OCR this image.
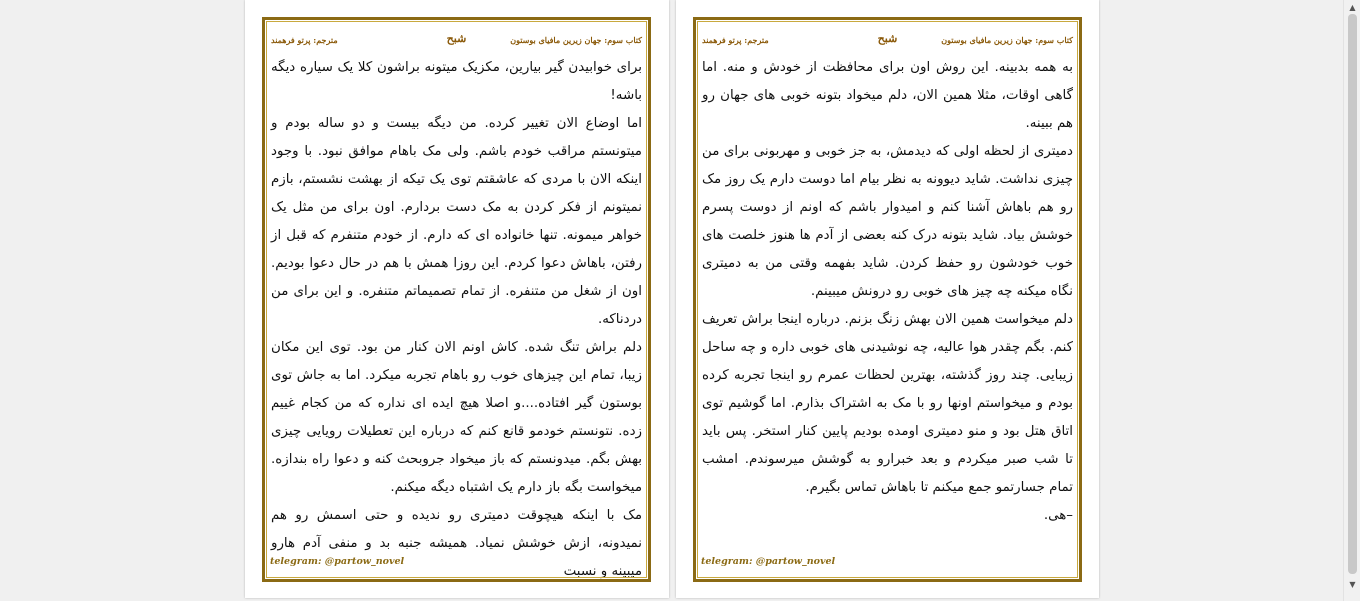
کتاب سوم: جهان زیرین مافیای بوستون
شبح
مترجم: پرتو فرهمند

برای خوابیدن گیر بیارین، مکزیک میتونه براشون کلا یک سیاره دیگه باشه!

اما اوضاع الان تغییر کرده. من دیگه بیست و دو ساله بودم و میتونستم مراقب خودم باشم. ولی مک باهام موافق نبود. با وجود اینکه الان با مردی که عاشقتم توی یک تیکه از بهشت نشستم، بازم نمیتونم از فکر کردن به مک دست بردارم. اون برای من مثل یک خواهر میمونه. تنها خانواده ای که دارم. از خودم متنفرم که قبل از رفتن، باهاش دعوا کردم. این روزا همش با هم در حال دعوا بودیم. اون از شغل من متنفره. از تمام تصمیماتم متنفره. و این برای من دردناکه.

دلم براش تنگ شده. کاش اونم الان کنار من بود. توی این مکان زیبا، تمام این چیزهای خوب رو باهام تجربه میکرد. اما به جاش توی بوستون گیر افتاده....و اصلا هیچ ایده ای نداره که من کجام غییم زده. نتونستم خودمو قانع کنم که درباره این تعطیلات رویایی چیزی بهش بگم. میدونستم که باز میخواد جروبحث کنه و دعوا راه بندازه. میخواست بگه باز دارم یک اشتباه دیگه میکنم.

مک با اینکه هیچوقت دمیتری رو ندیده و حتی اسمش رو هم نمیدونه، ازش خوشش نمیاد. همیشه جنبه بد و منفی آدم هارو میبینه و نسبت

telegram: @partow_novel
کتاب سوم: جهان زیرین مافیای بوستون
شبح
مترجم: پرتو فرهمند

به همه بدبینه. این روش اون برای محافظت از خودش و منه. اما گاهی اوقات، مثلا همین الان، دلم میخواد بتونه خوبی های جهان رو هم ببینه.

دمیتری از لحظه اولی که دیدمش، به جز خوبی و مهربونی برای من چیزی نداشت. شاید دیوونه به نظر بیام اما دوست دارم یک روز مک رو هم باهاش آشنا کنم و امیدوار باشم که اونم از دوست پسرم خوشش بیاد. شاید بتونه درک کنه بعضی از آدم ها هنوز خلصت های خوب خودشون رو حفظ کردن. شاید بفهمه وقتی من به دمیتری نگاه میکنه چه چیز های خوبی رو درونش میبینم.

دلم میخواست همین الان بهش زنگ بزنم. درباره اینجا براش تعریف کنم. بگم چقدر هوا عالیه، چه نوشیدنی های خوبی داره و چه ساحل زیبایی. چند روز گذشته، بهترین لحظات عمرم رو اینجا تجربه کرده بودم و میخواستم اونها رو با مک به اشتراک بذارم. اما گوشیم توی اتاق هتل بود و منو دمیتری اومده بودیم پایین کنار استخر. پس باید تا شب صبر میکردم و بعد خبرارو به گوشش میرسوندم. امشب تمام جسارتمو جمع میکنم تا باهاش تماس بگیرم.

–هی.

telegram: @partow_novel
▲
▼
